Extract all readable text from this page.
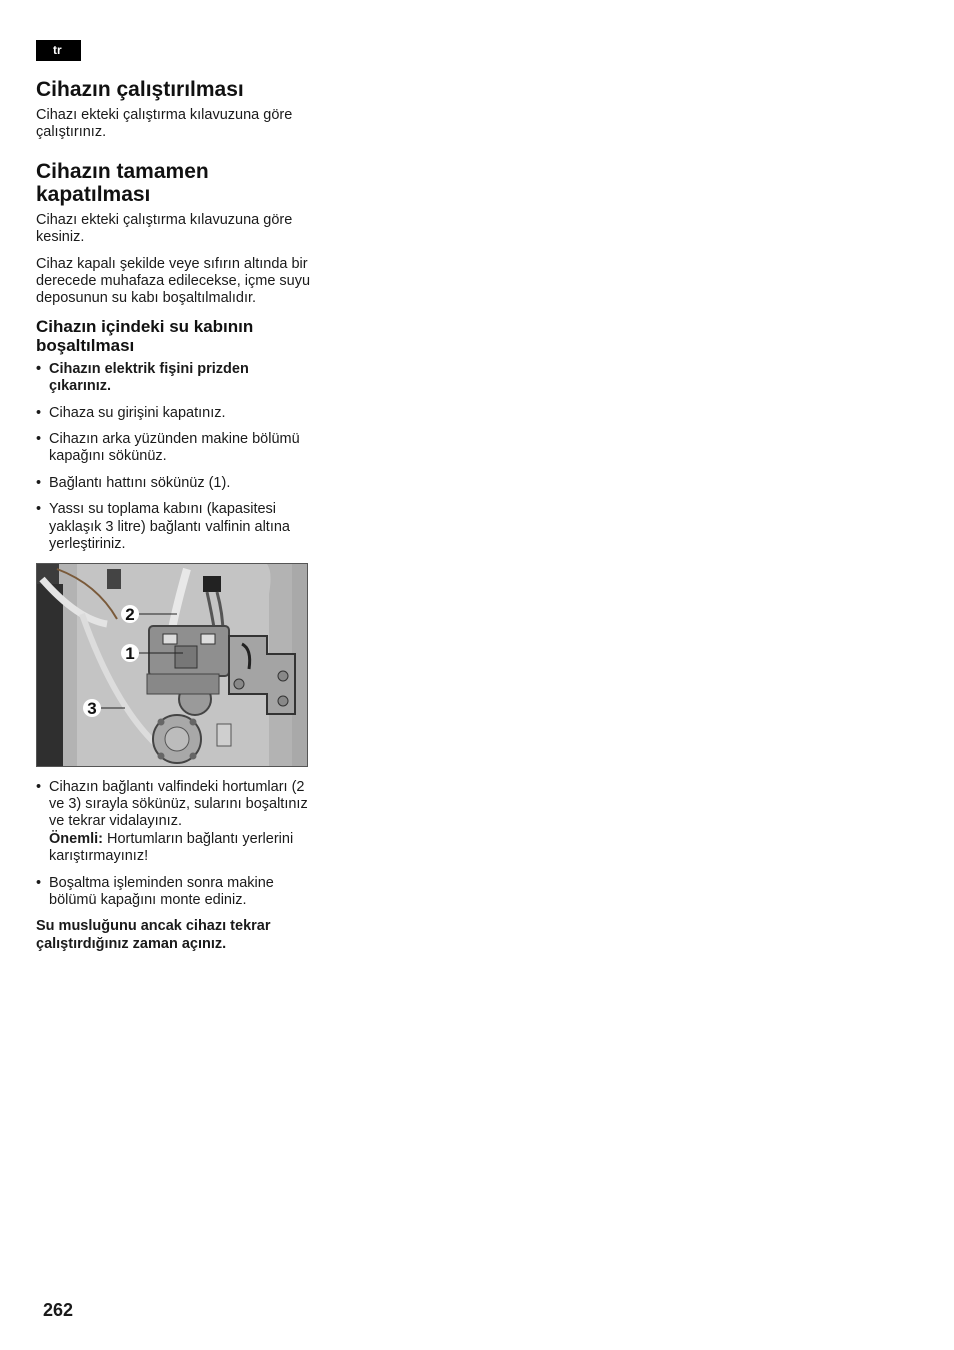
tr
Cihazın çalıştırılması

Cihazı ekteki çalıştırma kılavuzuna göre çalıştırınız.

Cihazın tamamen kapatılması

Cihazı ekteki çalıştırma kılavuzuna göre kesiniz.

Cihaz kapalı şekilde veye sıfırın altında bir derecede muhafaza edilecekse, içme suyu deposunun su kabı boşaltılmalıdır.

Cihazın içindeki su kabının boşaltılması
• Cihazın elektrik fişini prizden çıkarınız.
• Cihaza su girişini kapatınız.
• Cihazın arka yüzünden makine bölümü kapağını sökünüz.
• Bağlantı hattını sökünüz (1).
• Yassı su toplama kabını (kapasitesi yaklaşık 3 litre) bağlantı valfinin altına yerleştiriniz.
2
1
3
• Cihazın bağlantı valfindeki hortumları (2 ve 3) sırayla sökünüz, sularını boşaltınız ve tekrar vidalayınız.
Önemli: Hortumların bağlantı yerlerini karıştırmayınız!
• Boşaltma işleminden sonra makine bölümü kapağını monte ediniz.

Su musluğunu ancak cihazı tekrar çalıştırdığınız zaman açınız.

262
